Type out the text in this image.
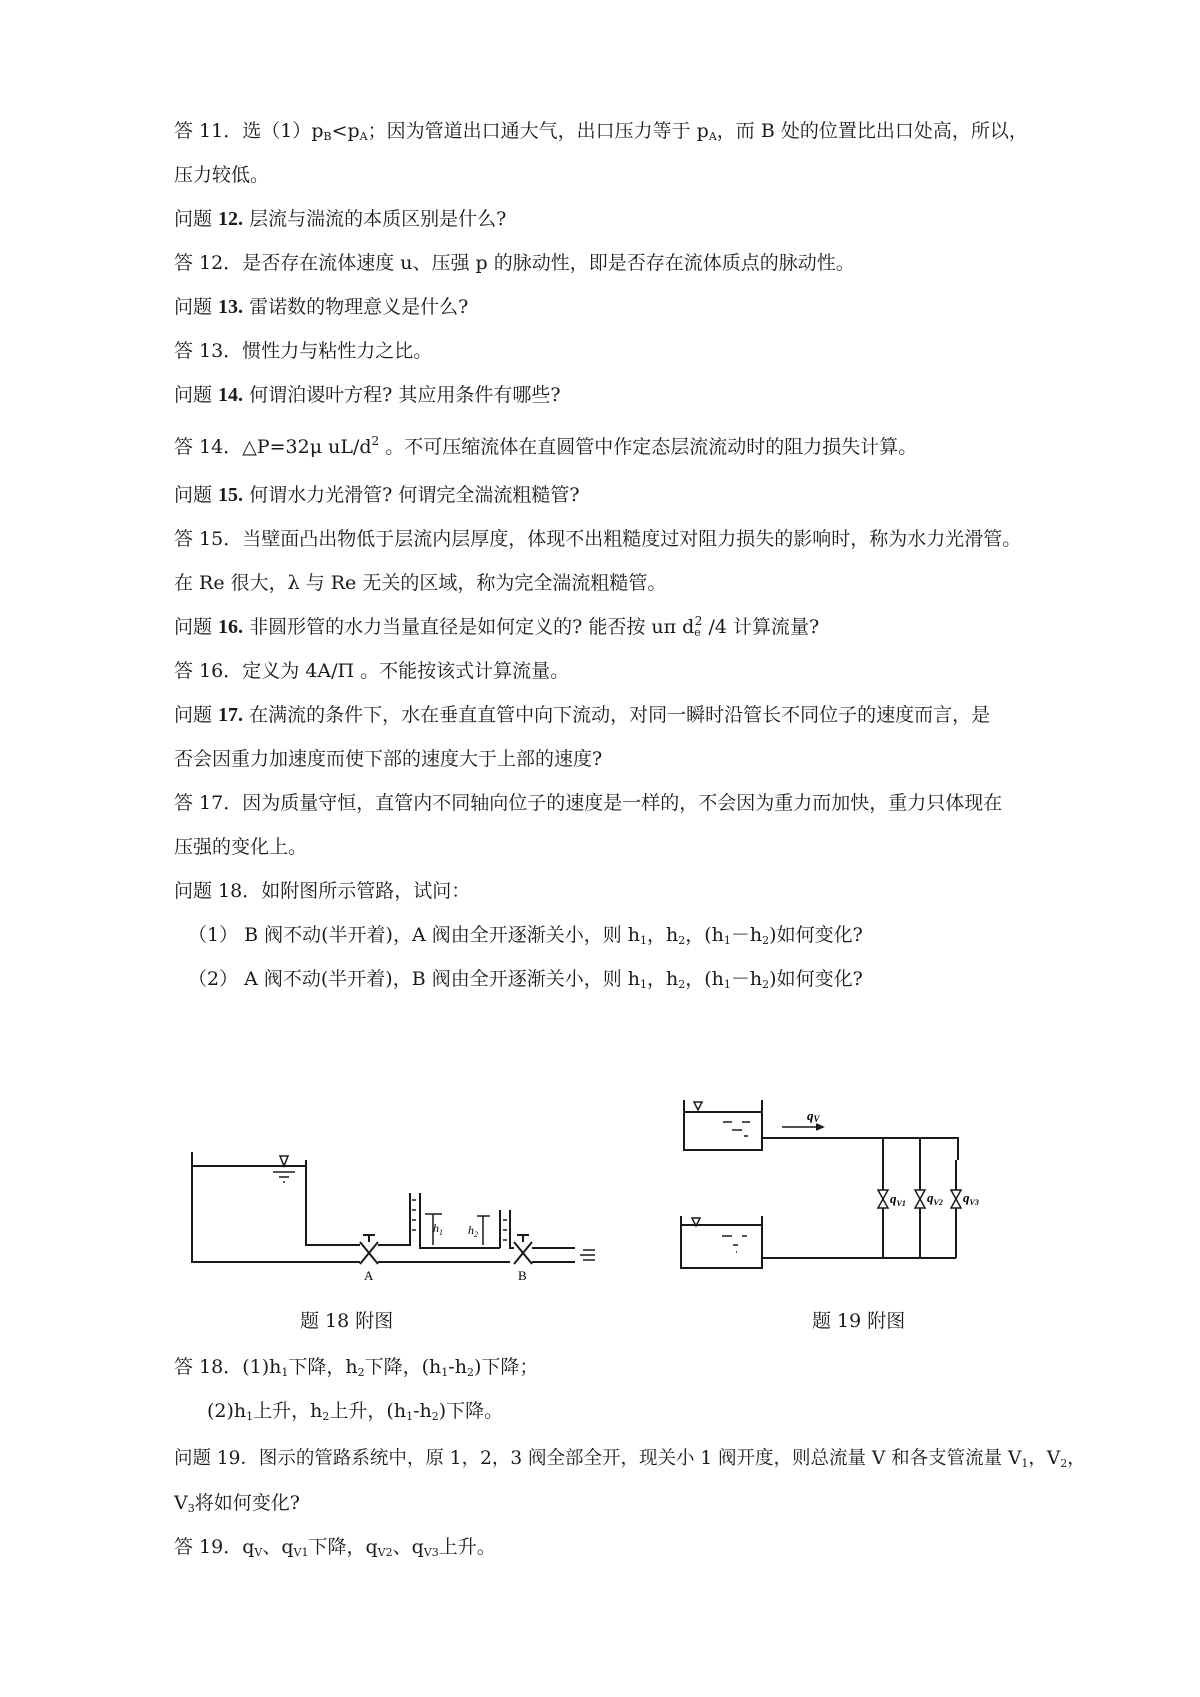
答 11．选$(1)p_B<p_A$；因为管道出口通大气，出口压力等于 $p_A$，而 B 处的位置比出口处高，所以，
压力较低。
问题 12. 层流与湍流的本质区别是什么?
答 12．是否存在流体速度 u、压强 p 的脉动性，即是否存在流体质点的脉动性。
问题 13. 雷诺数的物理意义是什么?
答 13．惯性力与粘性力之比。
问题 14. 何谓泊谡叶方程? 其应用条件有哪些?
答 14．△P=32μ $uL/d^2$ 。不可压缩流体在直圆管中作定态层流流动时的阻力损失计算。
问题 15. 何谓水力光滑管? 何谓完全湍流粗糙管?
答 15．当壁面凸出物低于层流内层厚度，体现不出粗糙度过对阻力损失的影响时，称为水力光滑管。
在 Re 很大，λ 与 Re 无关的区域，称为完全湍流粗糙管。
问题 16. 非圆形管的水力当量直径是如何定义的? 能否按 uπ $d_e^2$ /4 计算流量?
答 16．定义为 4A/Π 。不能按该式计算流量。
问题 17. 在满流的条件下，水在垂直直管中向下流动，对同一瞬时沿管长不同位子的速度而言，是
否会因重力加速度而使下部的速度大于上部的速度?
答 17．因为质量守恒，直管内不同轴向位子的速度是一样的，不会因为重力而加快，重力只体现在
压强的变化上。
问题 18．如附图所示管路，试问：
（1） B 阀不动(半开着)，A 阀由全开逐渐关小，则 $h_1$，$h_2$，$(h_1-h_2)$如何变化?
（2） A 阀不动(半开着)，B 阀由全开逐渐关小，则 $h_1$，$h_2$，$(h_1-h_2)$如何变化?
$h_1$ $h_2$
A	B
qV
$q_{V1}$ $q_{V2}$ $q_{V3}$
题 18 附图	题 19 附图
答 18．$(1)h_1$下降，$h_2$下降，$(h_1-h_2)$下降；
$(2)h_1$上升，$h_2$上升，$(h_1-h_2)$下降。
问题 19．图示的管路系统中，原 1，2，3 阀全部全开，现关小 1 阀开度，则总流量 V 和各支管流量 $V_1$，$V_2$，
$V_3$将如何变化?
答 19．$q_V$、$q_{V1}$下降，$q_{V2}$、$q_{V3}$上升。
